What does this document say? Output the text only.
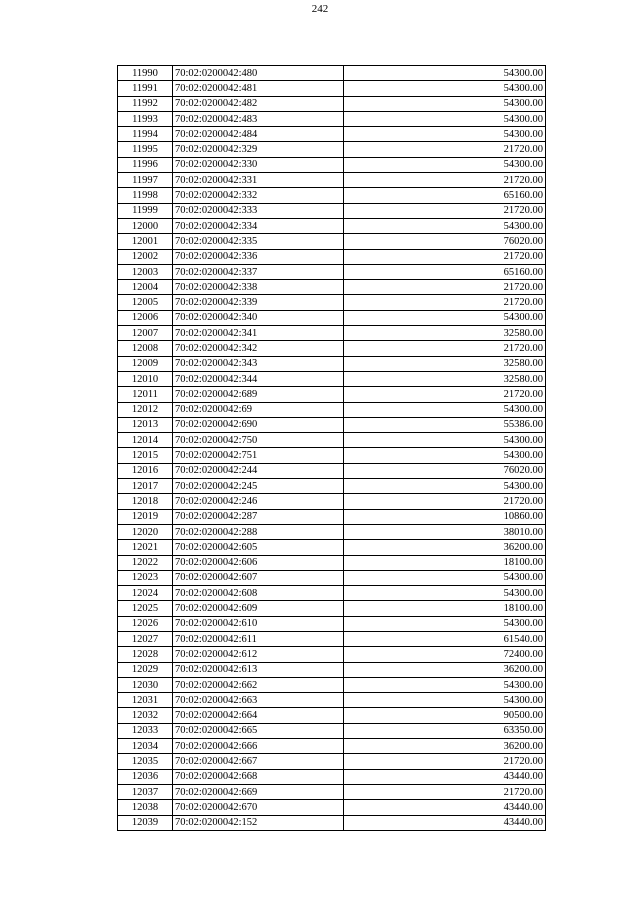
242
11990	70:02:0200042:480	54300.00
11991	70:02:0200042:481	54300.00
11992	70:02:0200042:482	54300.00
11993	70:02:0200042:483	54300.00
11994	70:02:0200042:484	54300.00
11995	70:02:0200042:329	21720.00
11996	70:02:0200042:330	54300.00
11997	70:02:0200042:331	21720.00
11998	70:02:0200042:332	65160.00
11999	70:02:0200042:333	21720.00
12000	70:02:0200042:334	54300.00
12001	70:02:0200042:335	76020.00
12002	70:02:0200042:336	21720.00
12003	70:02:0200042:337	65160.00
12004	70:02:0200042:338	21720.00
12005	70:02:0200042:339	21720.00
12006	70:02:0200042:340	54300.00
12007	70:02:0200042:341	32580.00
12008	70:02:0200042:342	21720.00
12009	70:02:0200042:343	32580.00
12010	70:02:0200042:344	32580.00
12011	70:02:0200042:689	21720.00
12012	70:02:0200042:69	54300.00
12013	70:02:0200042:690	55386.00
12014	70:02:0200042:750	54300.00
12015	70:02:0200042:751	54300.00
12016	70:02:0200042:244	76020.00
12017	70:02:0200042:245	54300.00
12018	70:02:0200042:246	21720.00
12019	70:02:0200042:287	10860.00
12020	70:02:0200042:288	38010.00
12021	70:02:0200042:605	36200.00
12022	70:02:0200042:606	18100.00
12023	70:02:0200042:607	54300.00
12024	70:02:0200042:608	54300.00
12025	70:02:0200042:609	18100.00
12026	70:02:0200042:610	54300.00
12027	70:02:0200042:611	61540.00
12028	70:02:0200042:612	72400.00
12029	70:02:0200042:613	36200.00
12030	70:02:0200042:662	54300.00
12031	70:02:0200042:663	54300.00
12032	70:02:0200042:664	90500.00
12033	70:02:0200042:665	63350.00
12034	70:02:0200042:666	36200.00
12035	70:02:0200042:667	21720.00
12036	70:02:0200042:668	43440.00
12037	70:02:0200042:669	21720.00
12038	70:02:0200042:670	43440.00
12039	70:02:0200042:152	43440.00
